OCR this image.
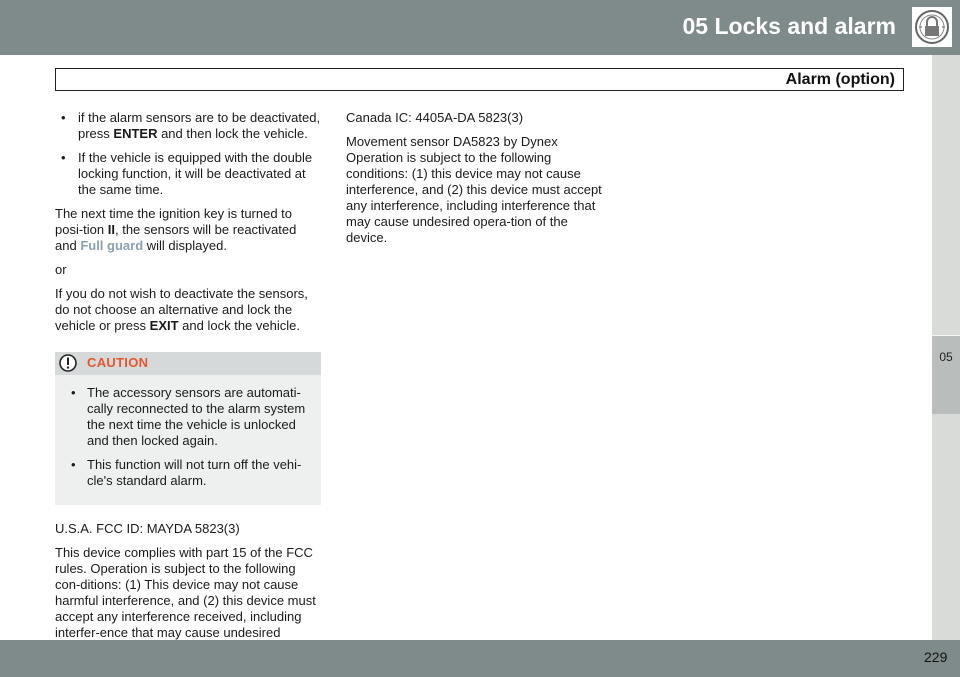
05 Locks and alarm
Alarm (option)
05
• if the alarm sensors are to be deactivated, press ENTER and then lock the vehicle.
• If the vehicle is equipped with the double locking function, it will be deactivated at the same time.

The next time the ignition key is turned to posi-tion II, the sensors will be reactivated and Full guard will displayed.

or

If you do not wish to deactivate the sensors, do not choose an alternative and lock the vehicle or press EXIT and lock the vehicle.

CAUTION
• The accessory sensors are automati-cally reconnected to the alarm system the next time the vehicle is unlocked and then locked again.
• This function will not turn off the vehi-cle's standard alarm.

U.S.A. FCC ID: MAYDA 5823(3)

This device complies with part 15 of the FCC rules. Operation is subject to the following con-ditions: (1) This device may not cause harmful interference, and (2) this device must accept any interference received, including interfer-ence that may cause undesired

Canada IC: 4405A-DA 5823(3)

Movement sensor DA5823 by Dynex Operation is subject to the following conditions: (1) this device may not cause interference, and (2) this device must accept any interference, including interference that may cause undesired opera-tion of the device.

229
